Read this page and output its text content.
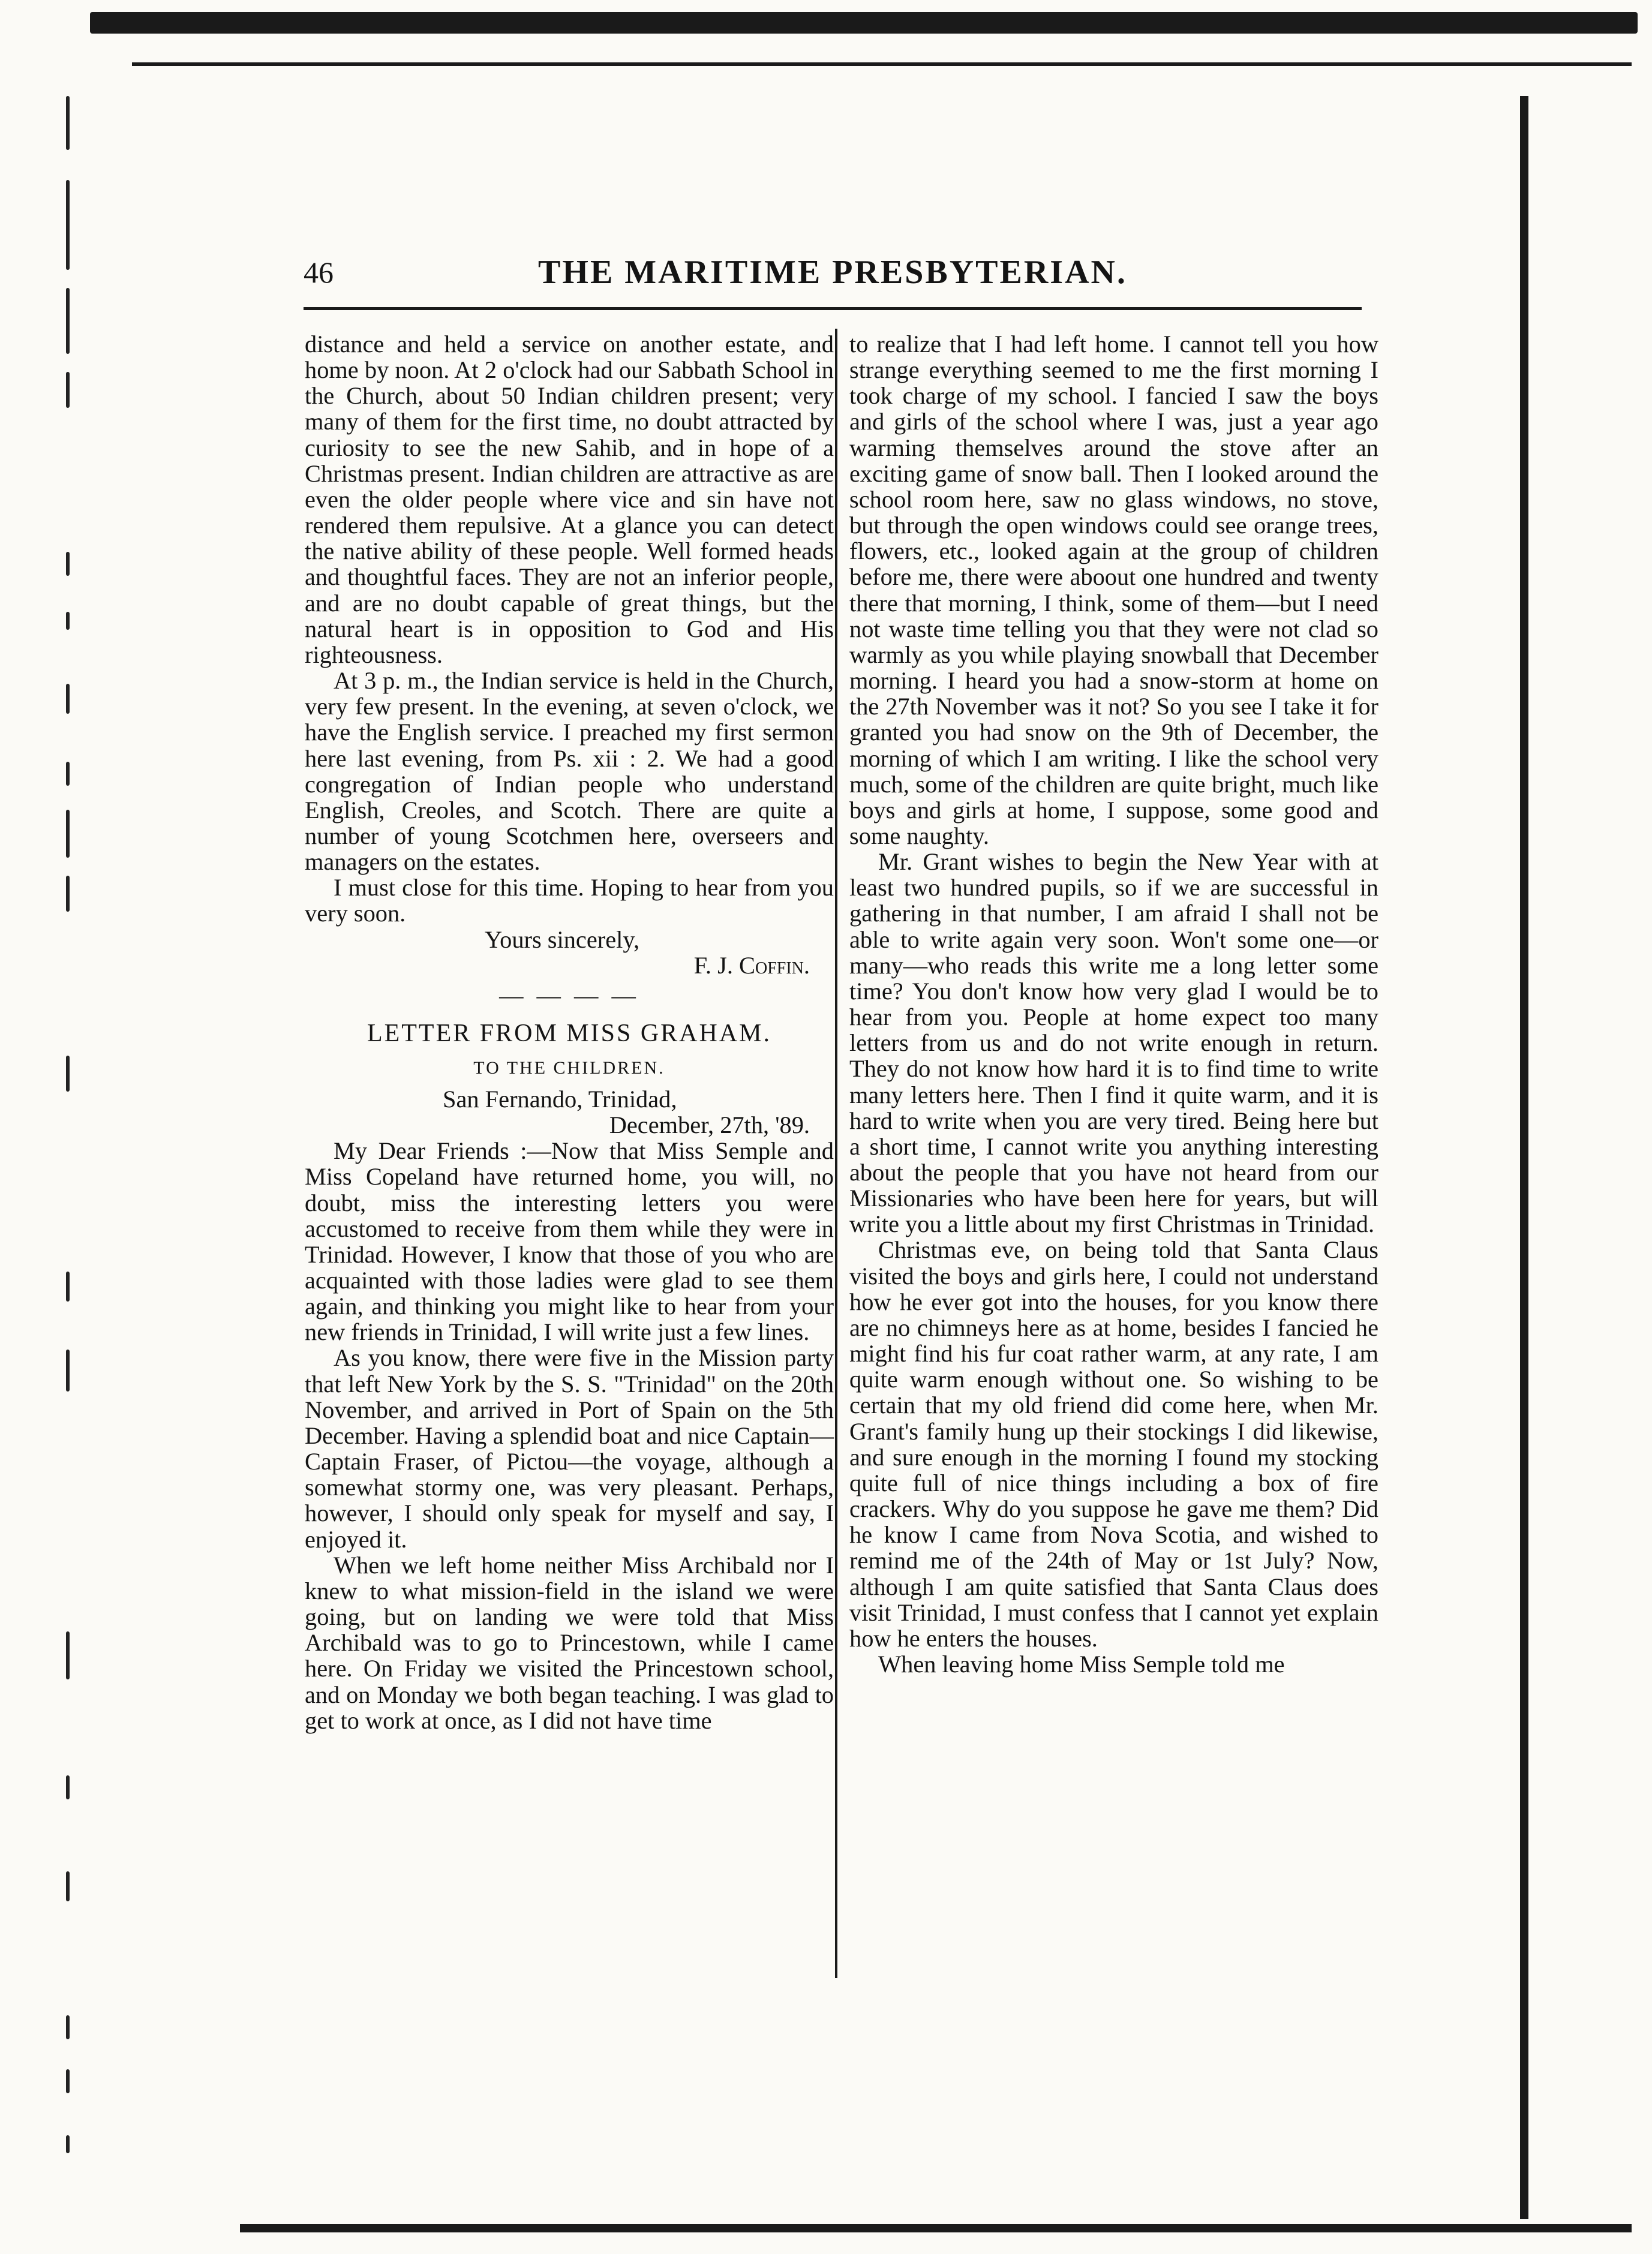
46	THE MARITIME PRESBYTERIAN.

distance and held a service on another estate, and home by noon. At 2 o'clock had our Sabbath School in the Church, about 50 Indian children present; very many of them for the first time, no doubt attracted by curiosity to see the new Sahib, and in hope of a Christmas present. Indian children are attractive as are even the older people where vice and sin have not rendered them repulsive. At a glance you can detect the native ability of these people. Well formed heads and thoughtful faces. They are not an inferior people, and are no doubt capable of great things, but the natural heart is in opposition to God and His righteousness.

At 3 p. m., the Indian service is held in the Church, very few present. In the evening, at seven o'clock, we have the English service. I preached my first sermon here last evening, from Ps. xii : 2. We had a good congregation of Indian people who understand English, Creoles, and Scotch. There are quite a number of young Scotchmen here, overseers and managers on the estates.

I must close for this time. Hoping to hear from you very soon.

Yours sincerely,

F. J. Coffin.

— — — —

LETTER FROM MISS GRAHAM.

TO THE CHILDREN.

San Fernando, Trinidad,

December, 27th, '89.

My Dear Friends :—Now that Miss Semple and Miss Copeland have returned home, you will, no doubt, miss the interesting letters you were accustomed to receive from them while they were in Trinidad. However, I know that those of you who are acquainted with those ladies were glad to see them again, and thinking you might like to hear from your new friends in Trinidad, I will write just a few lines.

As you know, there were five in the Mission party that left New York by the S. S. "Trinidad" on the 20th November, and arrived in Port of Spain on the 5th December. Having a splendid boat and nice Captain—Captain Fraser, of Pictou—the voyage, although a somewhat stormy one, was very pleasant. Perhaps, however, I should only speak for myself and say, I enjoyed it.

When we left home neither Miss Archibald nor I knew to what mission-field in the island we were going, but on landing we were told that Miss Archibald was to go to Princestown, while I came here. On Friday we visited the Princestown school, and on Monday we both began teaching. I was glad to get to work at once, as I did not have time

to realize that I had left home. I cannot tell you how strange everything seemed to me the first morning I took charge of my school. I fancied I saw the boys and girls of the school where I was, just a year ago warming themselves around the stove after an exciting game of snow ball. Then I looked around the school room here, saw no glass windows, no stove, but through the open windows could see orange trees, flowers, etc., looked again at the group of children before me, there were aboout one hundred and twenty there that morning, I think, some of them—but I need not waste time telling you that they were not clad so warmly as you while playing snowball that December morning. I heard you had a snow-storm at home on the 27th November was it not? So you see I take it for granted you had snow on the 9th of December, the morning of which I am writing. I like the school very much, some of the children are quite bright, much like boys and girls at home, I suppose, some good and some naughty.

Mr. Grant wishes to begin the New Year with at least two hundred pupils, so if we are successful in gathering in that number, I am afraid I shall not be able to write again very soon. Won't some one—or many—who reads this write me a long letter some time? You don't know how very glad I would be to hear from you. People at home expect too many letters from us and do not write enough in return. They do not know how hard it is to find time to write many letters here. Then I find it quite warm, and it is hard to write when you are very tired. Being here but a short time, I cannot write you anything interesting about the people that you have not heard from our Missionaries who have been here for years, but will write you a little about my first Christmas in Trinidad.

Christmas eve, on being told that Santa Claus visited the boys and girls here, I could not understand how he ever got into the houses, for you know there are no chimneys here as at home, besides I fancied he might find his fur coat rather warm, at any rate, I am quite warm enough without one. So wishing to be certain that my old friend did come here, when Mr. Grant's family hung up their stockings I did likewise, and sure enough in the morning I found my stocking quite full of nice things including a box of fire crackers. Why do you suppose he gave me them? Did he know I came from Nova Scotia, and wished to remind me of the 24th of May or 1st July? Now, although I am quite satisfied that Santa Claus does visit Trinidad, I must confess that I cannot yet explain how he enters the houses.

When leaving home Miss Semple told me
